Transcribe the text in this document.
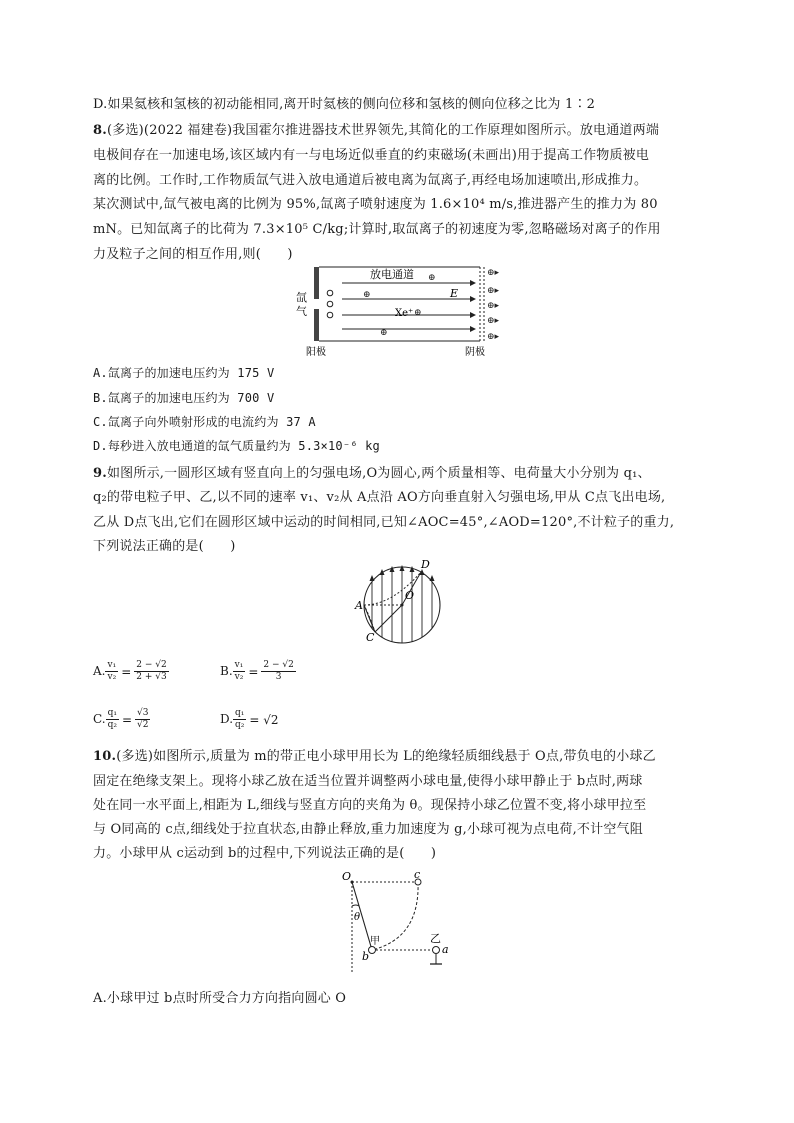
D.如果氦核和氢核的初动能相同,离开时氦核的侧向位移和氢核的侧向位移之比为 1∶2
8.(多选)(2022 福建卷)我国霍尔推进器技术世界领先,其简化的工作原理如图所示。放电通道两端
电极间存在一加速电场,该区域内有一与电场近似垂直的约束磁场(未画出)用于提高工作物质被电
离的比例。工作时,工作物质氙气进入放电通道后被电离为氙离子,再经电场加速喷出,形成推力。
某次测试中,氙气被电离的比例为 95%,氙离子喷射速度为 1.6×10⁴ m/s,推进器产生的推力为 80
mN。已知氙离子的比荷为 7.3×10⁵ C/kg;计算时,取氙离子的初速度为零,忽略磁场对离子的作用
力及粒子之间的相互作用,则(　　)
⊕
⊕
⊕
⊕
⊕▸
⊕▸
⊕▸
⊕▸
⊕▸
放电通道
E
Xe⁺
氙
气
阳极	阴极
A.氙离子的加速电压约为 175 V
B.氙离子的加速电压约为 700 V
C.氙离子向外喷射形成的电流约为 37 A
D.每秒进入放电通道的氙气质量约为 5.3×10⁻⁶ kg
9.如图所示,一圆形区域有竖直向上的匀强电场,O为圆心,两个质量相等、电荷量大小分别为 q₁、
q₂的带电粒子甲、乙,以不同的速率 v₁、v₂从 A点沿 AO方向垂直射入匀强电场,甲从 C点飞出电场,
乙从 D点飞出,它们在圆形区域中运动的时间相同,已知∠AOC=45°,∠AOD=120°,不计粒子的重力,
下列说法正确的是(　　)
D
A
O
C
A. $\frac{\text{v₁}}{\text{v₂}} = \frac{2 - √2}{2 + √3}$	B. $\frac{\text{v₁}}{\text{v₂}} = \frac{2 - √2}{3}$
C. $\frac{\text{q₁}}{\text{q₂}} = \frac{√3}{√2}$	D. $\frac{\text{q₁}}{\text{q₂}} = √2$
10.(多选)如图所示,质量为 m的带正电小球甲用长为 L的绝缘轻质细线悬于 O点,带负电的小球乙
固定在绝缘支架上。现将小球乙放在适当位置并调整两小球电量,使得小球甲静止于 b点时,两球
处在同一水平面上,相距为 L,细线与竖直方向的夹角为 θ。现保持小球乙位置不变,将小球甲拉至
与 O同高的 c点,细线处于拉直状态,由静止释放,重力加速度为 g,小球可视为点电荷,不计空气阻
力。小球甲从 c运动到 b的过程中,下列说法正确的是(　　)
O	c
θ
甲	乙
b
a
A.小球甲过 b点时所受合力方向指向圆心 O
